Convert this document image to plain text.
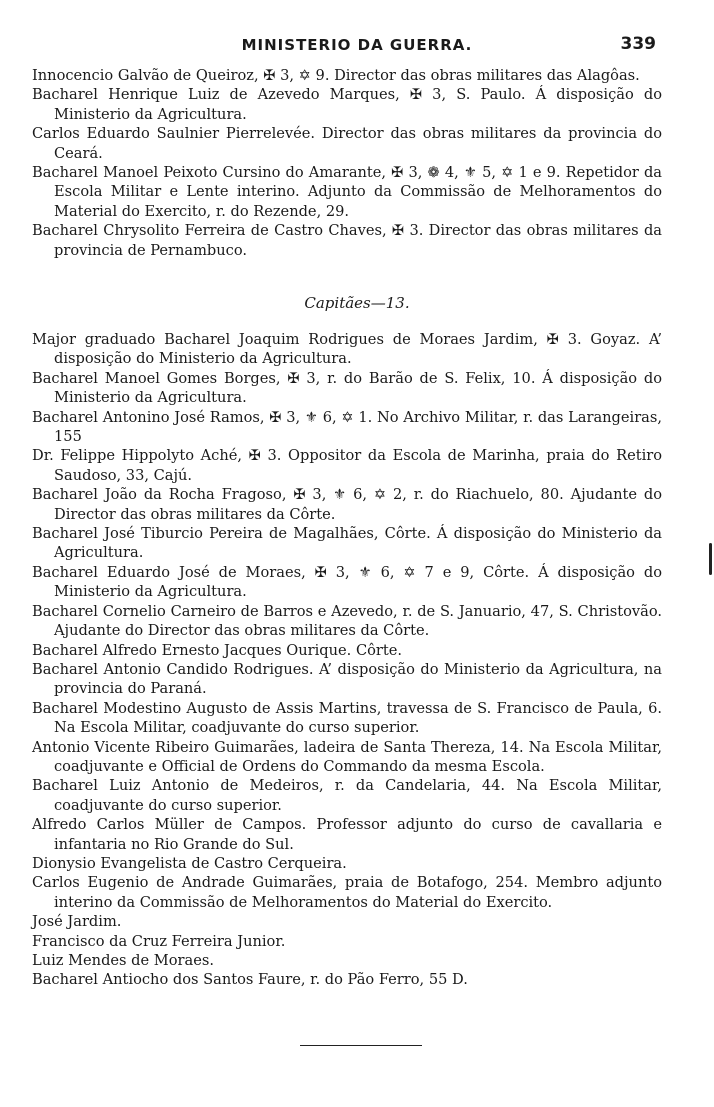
MINISTERIO DA GUERRA.	339

Innocencio Galvão de Queiroz, ✠ 3, ✡ 9. Director das obras militares das Alagôas.

Bacharel Henrique Luiz de Azevedo Marques, ✠ 3, S. Paulo. Á disposição do Ministerio da Agricultura.

Carlos Eduardo Saulnier Pierrelevée. Director das obras militares da provincia do Ceará.

Bacharel Manoel Peixoto Cursino do Amarante, ✠ 3, ❁ 4, ⚜ 5, ✡ 1 e 9. Repetidor da Escola Militar e Lente interino. Adjunto da Commissão de Melhoramentos do Material do Exercito, r. do Rezende, 29.

Bacharel Chrysolito Ferreira de Castro Chaves, ✠ 3. Director das obras militares da provincia de Pernambuco.

Capitães—13.

Major graduado Bacharel Joaquim Rodrigues de Moraes Jardim, ✠ 3. Goyaz. A’ disposição do Ministerio da Agricultura.

Bacharel Manoel Gomes Borges, ✠ 3, r. do Barão de S. Felix, 10. Á disposição do Ministerio da Agricultura.

Bacharel Antonino José Ramos, ✠ 3, ⚜ 6, ✡ 1. No Archivo Militar, r. das Larangeiras, 155

Dr. Felippe Hippolyto Aché, ✠ 3. Oppositor da Escola de Marinha, praia do Retiro Saudoso, 33, Cajú.

Bacharel João da Rocha Fragoso, ✠ 3, ⚜ 6, ✡ 2, r. do Riachuelo, 80. Ajudante do Director das obras militares da Côrte.

Bacharel José Tiburcio Pereira de Magalhães, Côrte. Á disposição do Ministerio da Agricultura.

Bacharel Eduardo José de Moraes, ✠ 3, ⚜ 6, ✡ 7 e 9, Côrte. Á disposição do Ministerio da Agricultura.

Bacharel Cornelio Carneiro de Barros e Azevedo, r. de S. Januario, 47, S. Christovão. Ajudante do Director das obras militares da Côrte.

Bacharel Alfredo Ernesto Jacques Ourique. Côrte.

Bacharel Antonio Candido Rodrigues. A’ disposição do Ministerio da Agricultura, na provincia do Paraná.

Bacharel Modestino Augusto de Assis Martins, travessa de S. Francisco de Paula, 6. Na Escola Militar, coadjuvante do curso superior.

Antonio Vicente Ribeiro Guimarães, ladeira de Santa Thereza, 14. Na Escola Militar, coadjuvante e Official de Ordens do Commando da mesma Escola.

Bacharel Luiz Antonio de Medeiros, r. da Candelaria, 44. Na Escola Militar, coadjuvante do curso superior.

Alfredo Carlos Müller de Campos. Professor adjunto do curso de cavallaria e infantaria no Rio Grande do Sul.

Dionysio Evangelista de Castro Cerqueira.

Carlos Eugenio de Andrade Guimarães, praia de Botafogo, 254. Membro adjunto interino da Commissão de Melhoramentos do Material do Exercito.

José Jardim.

Francisco da Cruz Ferreira Junior.

Luiz Mendes de Moraes.

Bacharel Antiocho dos Santos Faure, r. do Pão Ferro, 55 D.
